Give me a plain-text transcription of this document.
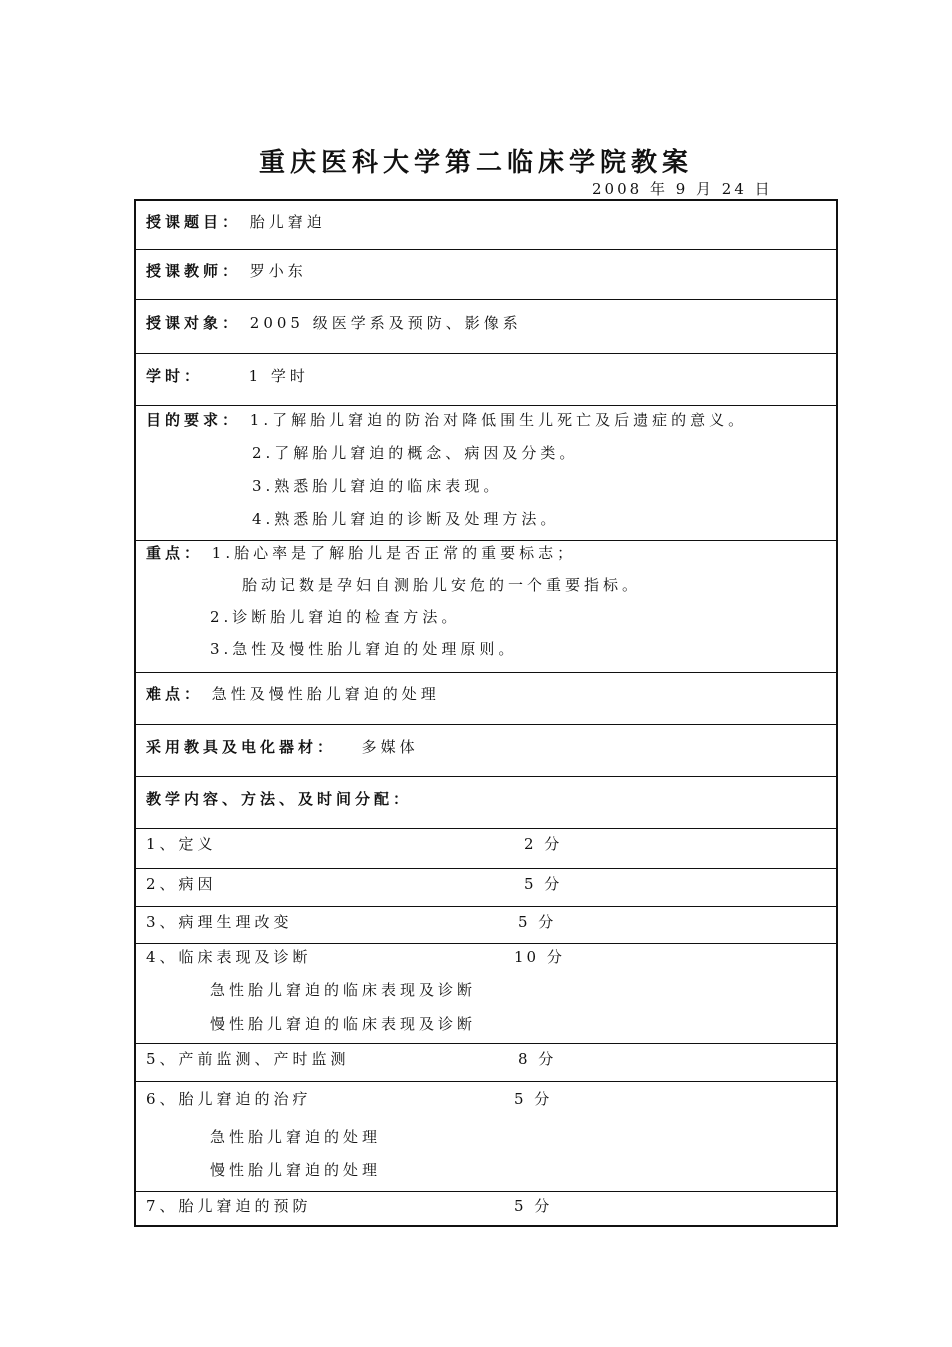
重庆医科大学第二临床学院教案
2008 年 9 月 24 日
授课题目： 胎儿窘迫
授课教师： 罗小东
授课对象： 2005 级医学系及预防、影像系
学时：	1 学时
目的要求： 1.了解胎儿窘迫的防治对降低围生儿死亡及后遗症的意义。
2.了解胎儿窘迫的概念、病因及分类。
3.熟悉胎儿窘迫的临床表现。
4.熟悉胎儿窘迫的诊断及处理方法。
重点： 1.胎心率是了解胎儿是否正常的重要标志；
胎动记数是孕妇自测胎儿安危的一个重要指标。
2.诊断胎儿窘迫的检查方法。
3.急性及慢性胎儿窘迫的处理原则。
难点： 急性及慢性胎儿窘迫的处理
采用教具及电化器材： 多媒体
教学内容、方法、及时间分配：
1、定义	2 分
2、病因	5 分
3、病理生理改变	5 分
4、临床表现及诊断	10 分
急性胎儿窘迫的临床表现及诊断
慢性胎儿窘迫的临床表现及诊断
5、产前监测、产时监测	8 分
6、胎儿窘迫的治疗	5 分
急性胎儿窘迫的处理
慢性胎儿窘迫的处理
7、胎儿窘迫的预防	5 分
